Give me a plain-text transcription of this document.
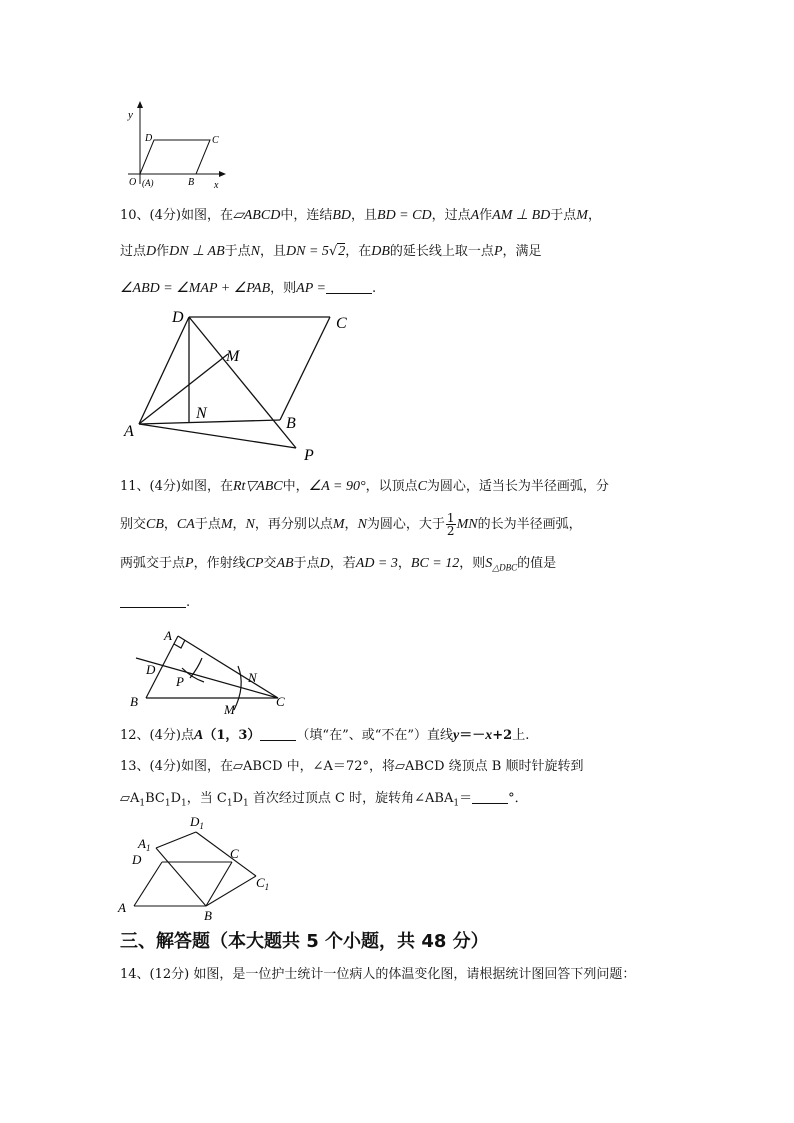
y
x
O (A)	B
C
D
10、(4分)如图，在▱ABCD中，连结BD，且BD = CD，过点A作AM ⊥ BD于点M，
过点D作DN ⊥ AB于点N，且DN = 5√2，在DB的延长线上取一点P，满足
∠ABD = ∠MAP + ∠PAB，则AP =	.
D	C
M
N
A	B
P
11、(4分)如图，在Rt▽ABC中，∠A = 90°，以顶点C为圆心，适当长为半径画弧，分
别交CB，CA于点M，N，再分别以点M，N为圆心，大于 $\frac{1}{2}$ MN的长为半径画弧，
两弧交于点P，作射线CP交AB于点D，若AD = 3，BC = 12，则$S_{\triangle DBC}$的值是
.
A
D
P	N
B
M
C
12、(4分)点A（1，3）	（填“在”、或“不在”）直线y＝－x+2上.
13、(4分)如图，在▱ABCD 中，∠A＝72°，将▱ABCD 绕顶点 B 顺时针旋转到
$▱A_1BC_1D_1$，当 $C_1D_1$ 首次经过顶点 C 时，旋转角$\angle ABA_1=$	°．
$D_1$
$A_1$
D	C
$C_1$
A
B
三、解答题（本大题共 5 个小题，共 48 分）
14、(12分) 如图，是一位护士统计一位病人的体温变化图，请根据统计图回答下列问题：
